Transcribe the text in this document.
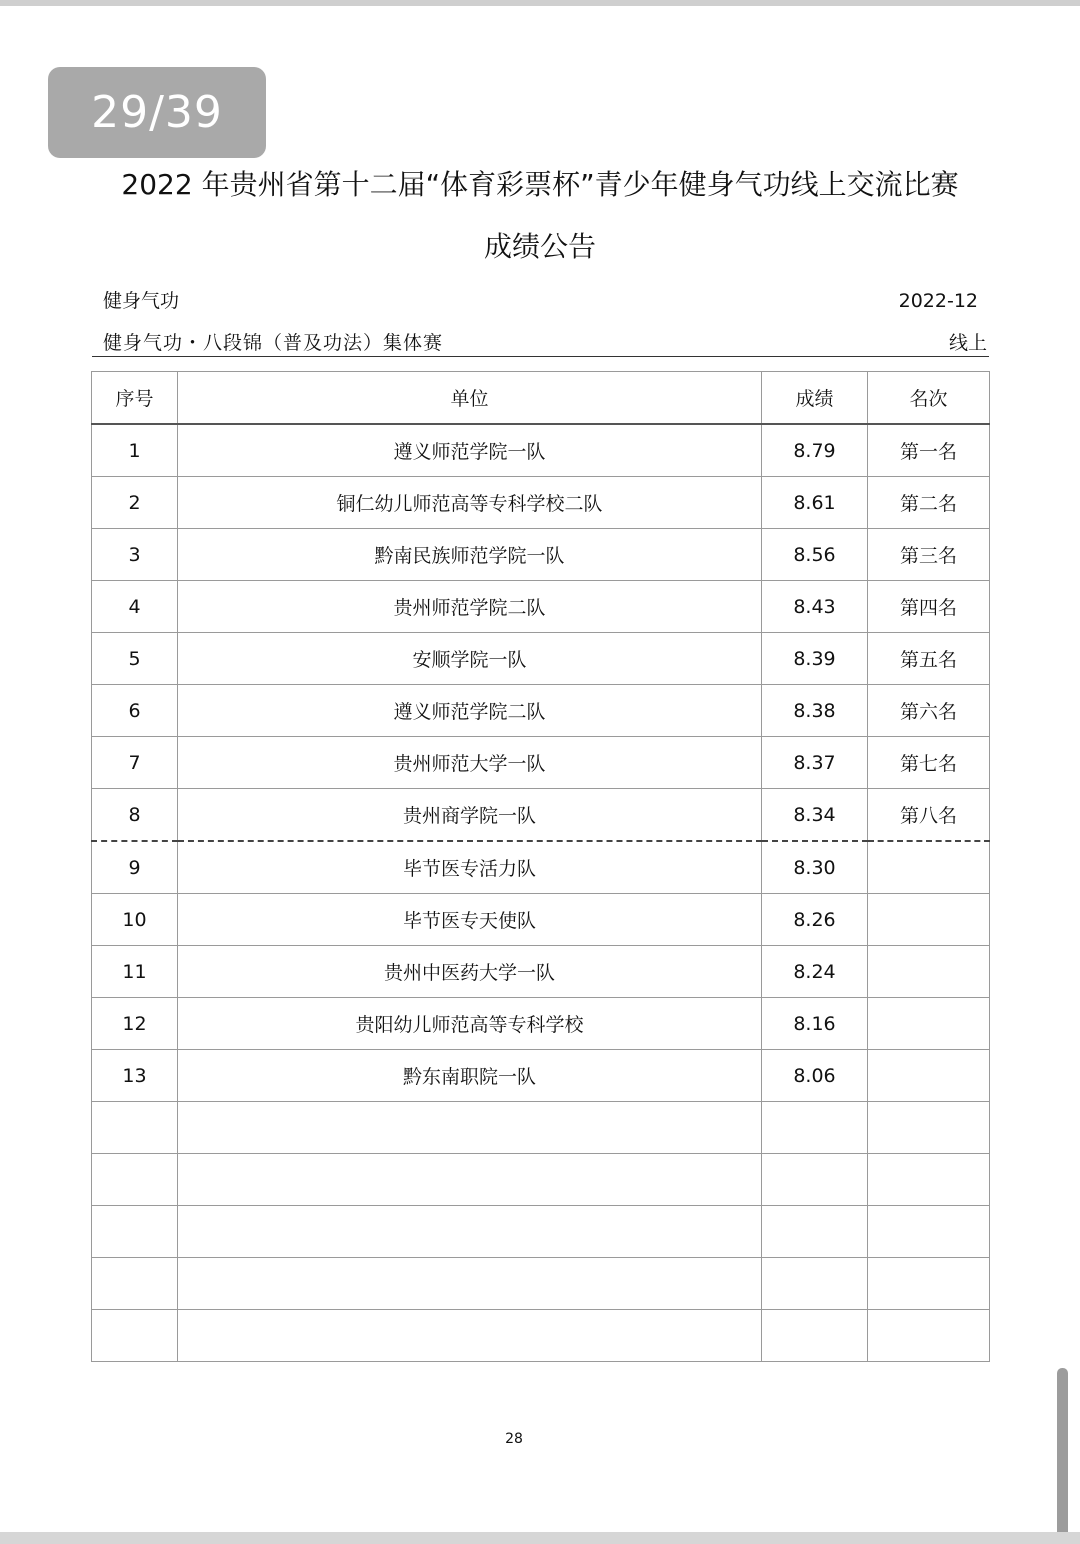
29/39
2022 年贵州省第十二届“体育彩票杯”青少年健身气功线上交流比赛
成绩公告
健身气功	2022-12
健身气功・八段锦（普及功法）集体赛	线上
序号	单位	成绩	名次
1	遵义师范学院一队	8.79	第一名
2	铜仁幼儿师范高等专科学校二队	8.61	第二名
3	黔南民族师范学院一队	8.56	第三名
4	贵州师范学院二队	8.43	第四名
5	安顺学院一队	8.39	第五名
6	遵义师范学院二队	8.38	第六名
7	贵州师范大学一队	8.37	第七名
8	贵州商学院一队	8.34	第八名
9	毕节医专活力队	8.30	
10	毕节医专天使队	8.26	
11	贵州中医药大学一队	8.24	
12	贵阳幼儿师范高等专科学校	8.16	
13	黔东南职院一队	8.06	

28
